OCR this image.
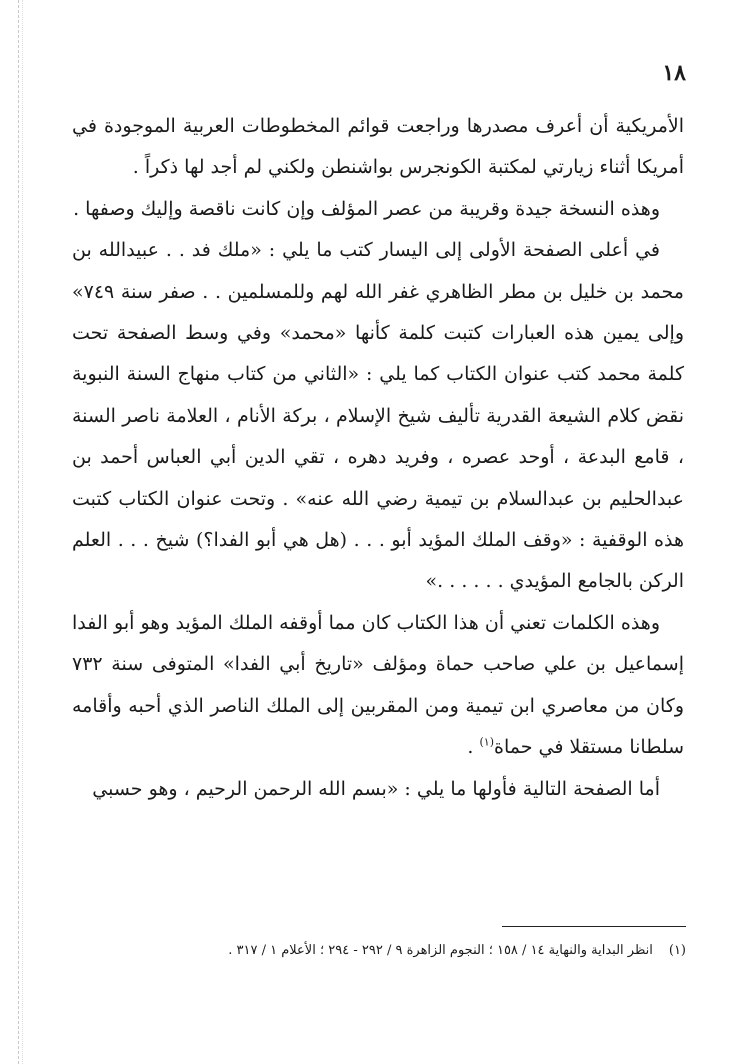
١٨

الأمريكية أن أعرف مصدرها وراجعت قوائم المخطوطات العربية الموجودة في أمريكا أثناء زيارتي لمكتبة الكونجرس بواشنطن ولكني لم أجد لها ذكراً .

وهذه النسخة جيدة وقريبة من عصر المؤلف وإن كانت ناقصة وإليك وصفها .

في أعلى الصفحة الأولى إلى اليسار كتب ما يلي : «ملك فد . . عبيدالله بن محمد بن خليل بن مطر الظاهري غفر الله لهم وللمسلمين . . صفر سنة ٧٤٩» وإلى يمين هذه العبارات كتبت كلمة كأنها «محمد» وفي وسط الصفحة تحت كلمة محمد كتب عنوان الكتاب كما يلي : «الثاني من كتاب منهاج السنة النبوية نقض كلام الشيعة القدرية تأليف شيخ الإسلام ، بركة الأنام ، العلامة ناصر السنة ، قامع البدعة ، أوحد عصره ، وفريد دهره ، تقي الدين أبي العباس أحمد بن عبدالحليم بن عبدالسلام بن تيمية رضي الله عنه» . وتحت عنوان الكتاب كتبت هذه الوقفية : «وقف الملك المؤيد أبو . . . (هل هي أبو الفدا؟) شيخ . . . العلم الركن بالجامع المؤيدي . . . . . .»

وهذه الكلمات تعني أن هذا الكتاب كان مما أوقفه الملك المؤيد وهو أبو الفدا إسماعيل بن علي صاحب حماة ومؤلف «تاريخ أبي الفدا» المتوفى سنة ٧٣٢ وكان من معاصري ابن تيمية ومن المقربين إلى الملك الناصر الذي أحبه وأقامه سلطانا مستقلا في حماة$^{(١)}$ .

أما الصفحة التالية فأولها ما يلي : «بسم الله الرحمن الرحيم ، وهو حسبي

(١)انظر البداية والنهاية ١٤ / ١٥٨ ؛ النجوم الزاهرة ٩ / ٢٩٢ - ٢٩٤ ؛ الأعلام ١ / ٣١٧ .
